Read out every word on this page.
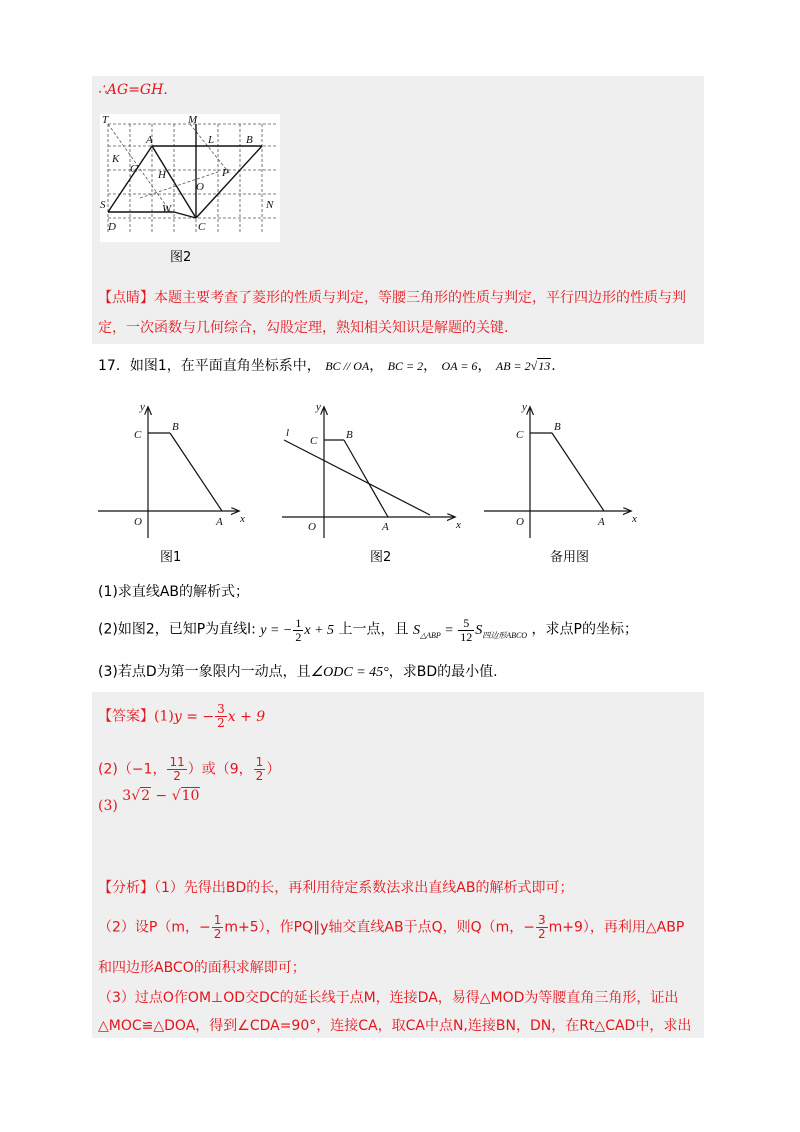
∴AG=GH.
T	M
A	L	B
K
G H	P
O
S	W	N
D	C
图2
【点睛】本题主要考查了菱形的性质与判定，等腰三角形的性质与判定，平行四边形的性质与判
定，一次函数与几何综合，勾股定理，熟知相关知识是解题的关键.
17．如图1，在平面直角坐标系中， BC // OA， BC = 2， OA = 6， AB = 2√13.
y
C
B
O	A x
y
l
C	B
O	A	x
y
C
B
O	A x
图1	图2	备用图
(1)求直线AB的解析式；
(2)如图2，已知P为直线l: y = − $\frac{1}{2}$ x + 5 上一点，且 $S_{\triangle ABP} = \frac{5}{12} S_{四边形ABCO}$ ，求点P的坐标；
(3)若点D为第一象限内一动点，且∠ODC = 45°，求BD的最小值.
【答案】(1)y = − $\frac{3}{2}$ x + 9
(2)（−1， $\frac{11}{2}$ ）或（9， $\frac{1}{2}$ ）
(3) 3√2 − √10
【分析】（1）先得出BD的长，再利用待定系数法求出直线AB的解析式即可；
（2）设P（m，− $\frac{1}{2} m+5$），作PQ∥y轴交直线AB于点Q，则Q（m，− $\frac{3}{2} m+9$），再利用△ABP
和四边形ABCO的面积求解即可；
（3）过点O作OM⊥OD交DC的延长线于点M，连接DA，易得△MOD为等腰直角三角形，证出
△MOC≌△DOA，得到∠CDA=90°，连接CA，取CA中点N,连接BN，DN，在Rt△CAD中，求出
